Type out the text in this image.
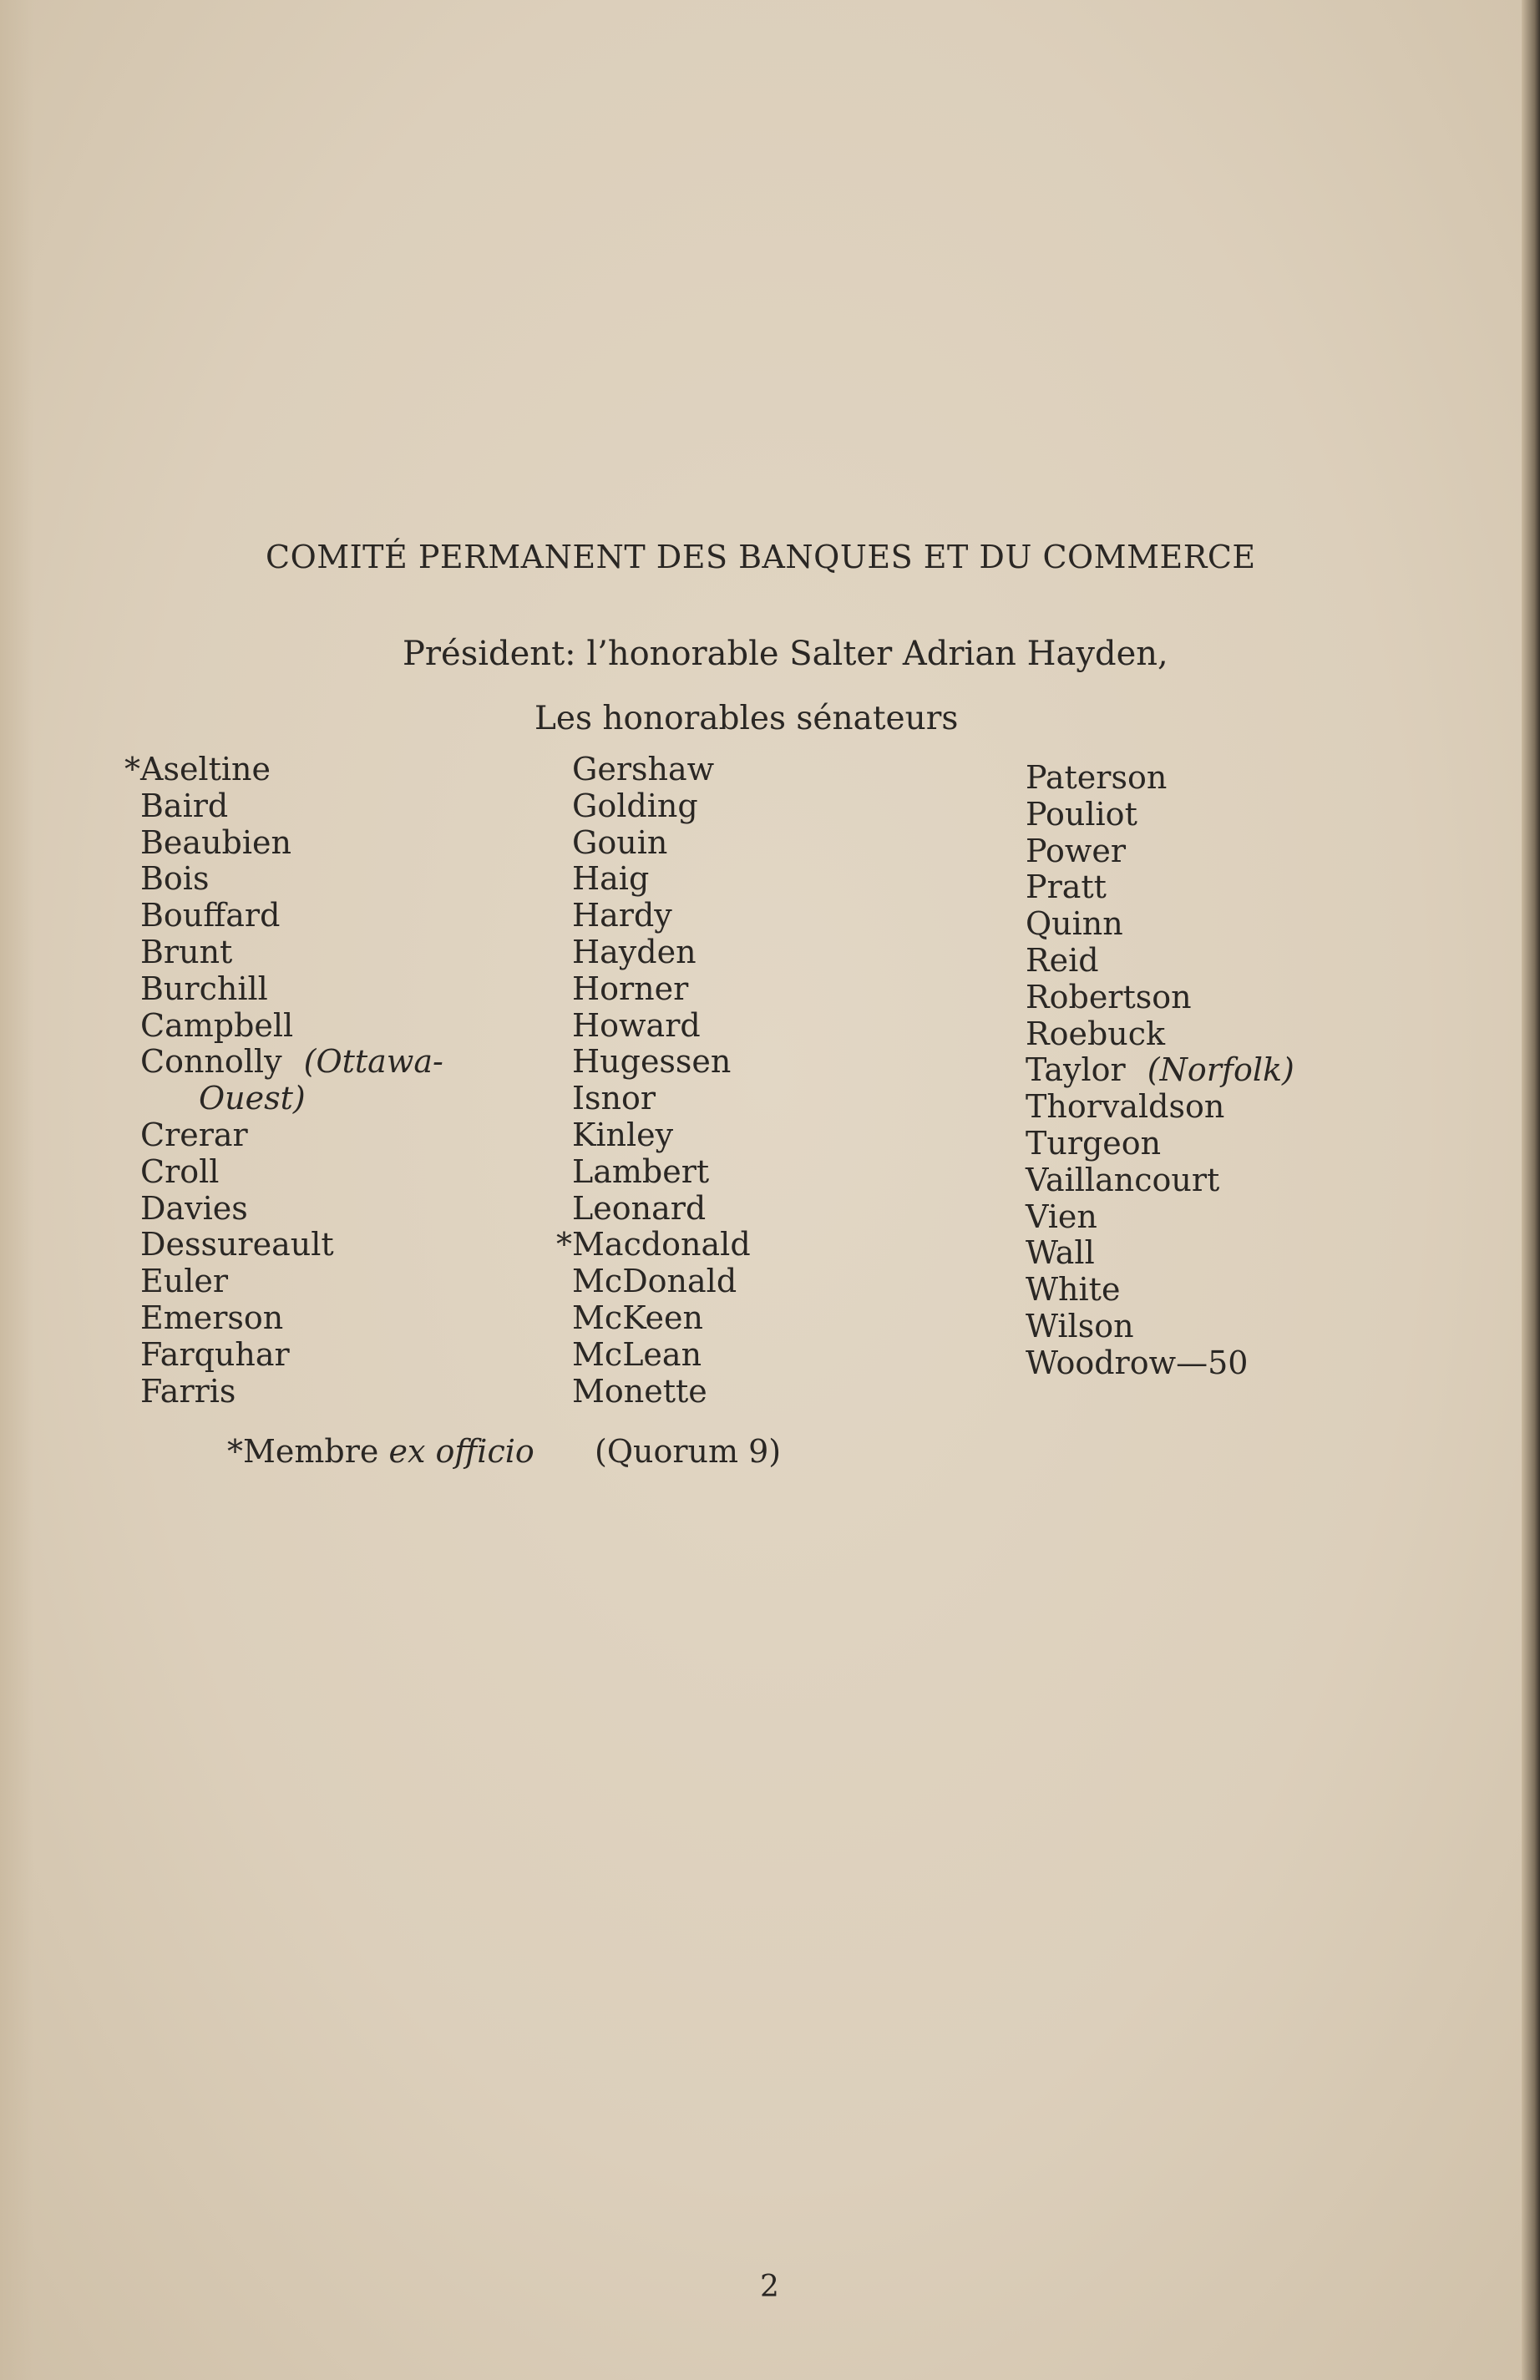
COMITÉ PERMANENT DES BANQUES ET DU COMMERCE
Président: l’honorable Salter Adrian Hayden,
Les honorables sénateurs
*Aseltine
Baird
Beaubien
Bois
Bouffard
Brunt
Burchill
Campbell
Connolly (Ottawa-
Ouest)
Crerar
Croll
Davies
Dessureault
Euler
Emerson
Farquhar
Farris
Gershaw
Golding
Gouin
Haig
Hardy
Hayden
Horner
Howard
Hugessen
Isnor
Kinley
Lambert
Leonard
*Macdonald
McDonald
McKeen
McLean
Monette
Paterson
Pouliot
Power
Pratt
Quinn
Reid
Robertson
Roebuck
Taylor (Norfolk)
Thorvaldson
Turgeon
Vaillancourt
Vien
Wall
White
Wilson
Woodrow—50
*Membre ex officio (Quorum 9)
2
